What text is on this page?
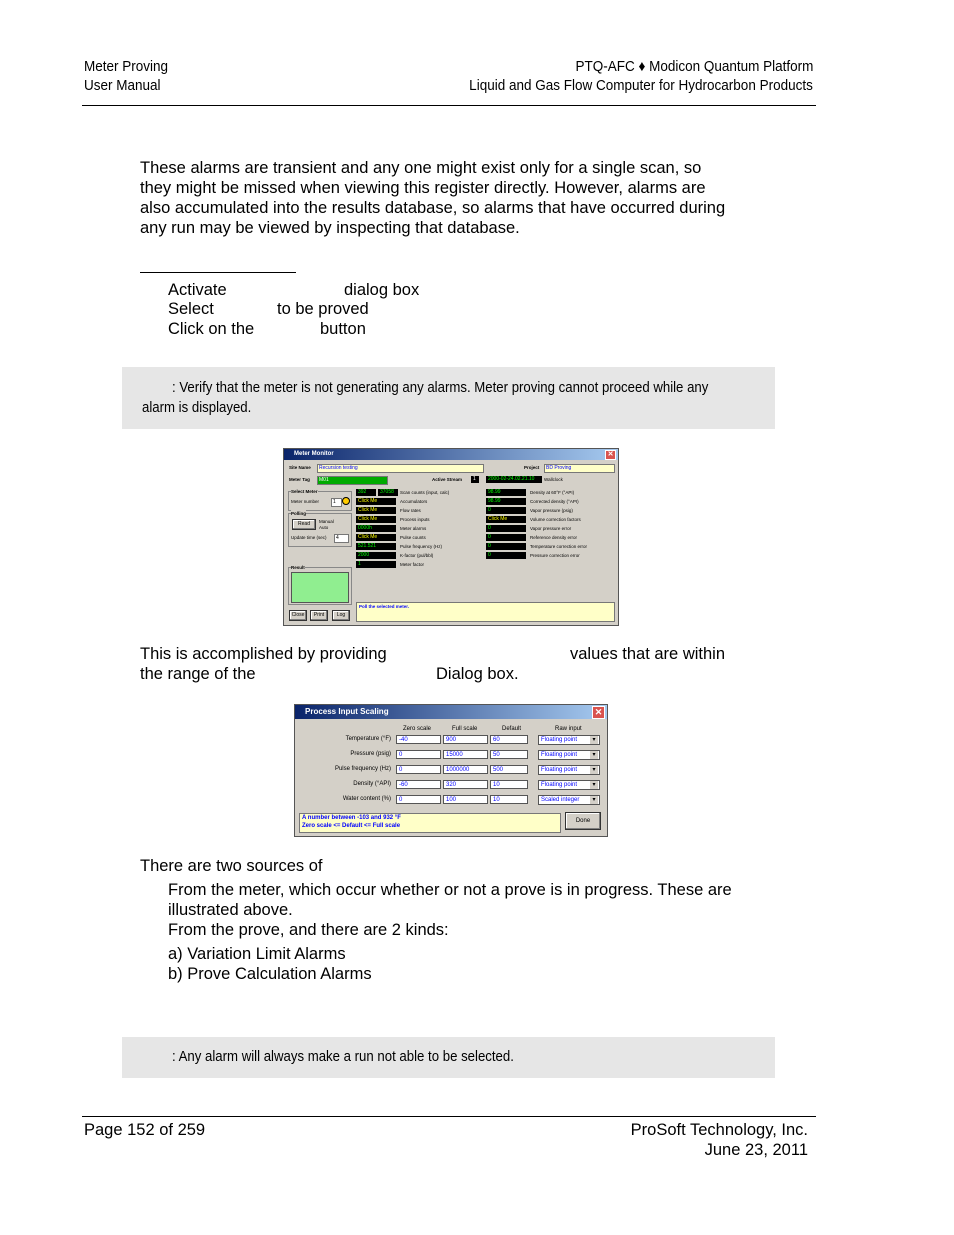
Meter Proving
User Manual
PTQ-AFC ♦ Modicon Quantum Platform
Liquid and Gas Flow Computer for Hydrocarbon Products
These alarms are transient and any one might exist only for a single scan, so
they might be missed when viewing this register directly. However, alarms are
also accumulated into the results database, so alarms that have occurred during
any run may be viewed by inspecting that database.
Activate	dialog box
Select	to be proved
Click on the	button
: Verify that the meter is not generating any alarms. Meter proving cannot proceed while any
alarm is displayed.
Meter Monitor	✕
Site Name	Recursion testing	Project	BD Proving
Meter Tag	M01	Active Stream	1	2000-02-24.02.21.10	Wallclock
Select Meter
Meter number	1
Polling
Read	Manual
Auto
Update time (sec)	4
Result
Close	Print	Log
392	37058	Scan counts (input, calc)
Click Me	Accumulators
Click Me	Flow rates
Click Me	Process inputs
0000h	Meter alarms
Click Me	Pulse counts
521.521	Pulse frequency (Hz)
2000	K-factor (pul/bbl)
1	Meter factor
98.99	Density at 60°F (°API)
98.99	Corrected density (°API)
0	Vapor pressure (psig)
Click Me	Volume correction factors
0	Vapor pressure error
0	Reference density error
0	Temperature correction error
0	Pressure correction error
Poll the selected meter.
This is accomplished by providing	values that are within
the range of the	Dialog box.
Process Input Scaling	✕
Zero scale	Full scale	Default	Raw input
Temperature (°F)	-40	900	60	Floating point ▾
Pressure (psig)	0	15000	50	Floating point ▾
Pulse frequency (Hz)	0	1000000	500	Floating point ▾
Density (°API)	-60	320	10	Floating point ▾
Water content (%)	0	100	10	Scaled integer ▾
A number between -103 and 932 °F
Zero scale <= Default <= Full scale
Done
There are two sources of
From the meter, which occur whether or not a prove is in progress. These are
illustrated above.
From the prove, and there are 2 kinds:
a) Variation Limit Alarms
b) Prove Calculation Alarms
: Any alarm will always make a run not able to be selected.
Page 152 of 259	ProSoft Technology, Inc.
June 23, 2011
